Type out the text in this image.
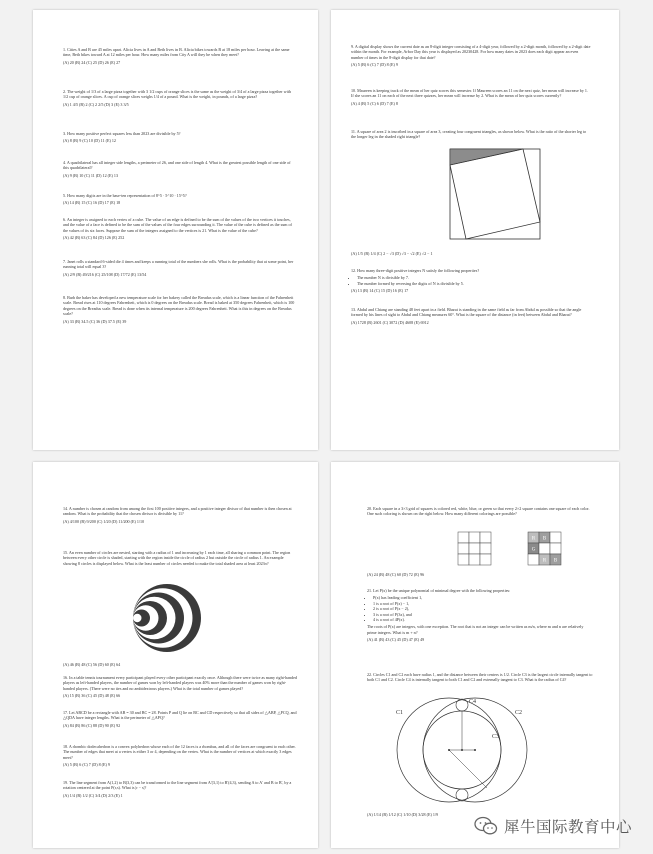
1. Cities A and B are 45 miles apart. Alicia lives in A and Beth lives in B. Alicia bikes towards B at 18 miles per hour. Leaving at the same time, Beth bikes toward A at 12 miles per hour. How many miles from City A will they be when they meet?
(A) 20 (B) 24 (C) 25 (D) 26 (E) 27
2. The weight of 1/3 of a large pizza together with 3 1/2 cups of orange slices is the same as the weight of 3/4 of a large pizza together with 1/2 cup of orange slices. A cup of orange slices weighs 1/4 of a pound. What is the weight, in pounds, of a large pizza?
(A) 1 4/5 (B) 2 (C) 2 2/5 (D) 3 (E) 3 3/5
3. How many positive perfect squares less than 2023 are divisible by 5?
(A) 8 (B) 9 (C) 10 (D) 11 (E) 12
4. A quadrilateral has all integer side lengths, a perimeter of 26, and one side of length 4. What is the greatest possible length of one side of this quadrilateral?
(A) 9 (B) 10 (C) 11 (D) 12 (E) 13
5. How many digits are in the base-ten representation of 8^5 · 5^10 · 15^5?
(A) 14 (B) 15 (C) 16 (D) 17 (E) 18
6. An integer is assigned to each vertex of a cube. The value of an edge is defined to be the sum of the values of the two vertices it touches, and the value of a face is defined to be the sum of the values of the four edges surrounding it. The value of the cube is defined as the sum of the values of its six faces. Suppose the sum of the integers assigned to the vertices is 21. What is the value of the cube?
(A) 42 (B) 63 (C) 84 (D) 126 (E) 252
7. Janet rolls a standard 6-sided die 4 times and keeps a running total of the numbers she rolls. What is the probability that at some point, her running total will equal 3?
(A) 2/9 (B) 49/216 (C) 25/108 (D) 17/72 (E) 13/54
8. Barb the baker has developed a new temperature scale for her bakery called the Breadus scale, which is a linear function of the Fahrenheit scale. Bread rises at 110 degrees Fahrenheit, which is 0 degrees on the Breadus scale. Bread is baked at 350 degrees Fahrenheit, which is 100 degrees on the Breadus scale. Bread is done when its internal temperature is 200 degrees Fahrenheit. What is this in degrees on the Breadus scale?
(A) 33 (B) 34.5 (C) 36 (D) 37.5 (E) 39
9. A digital display shows the current date as an 8-digit integer consisting of a 4-digit year, followed by a 2-digit month, followed by a 2-digit date within the month. For example, Arbor Day this year is displayed as 20230428. For how many dates in 2023 does each digit appear an even number of times in the 8-digit display for that date?
(A) 5 (B) 6 (C) 7 (D) 8 (E) 9
10. Maureen is keeping track of the mean of her quiz scores this semester. If Maureen scores an 11 on the next quiz, her mean will increase by 1. If she scores an 11 on each of the next three quizzes, her mean will increase by 2. What is the mean of her quiz scores currently?
(A) 4 (B) 5 (C) 6 (D) 7 (E) 8
11. A square of area 2 is inscribed in a square of area 3, creating four congruent triangles, as shown below. What is the ratio of the shorter leg to the longer leg in the shaded right triangle?
(A) 1/5 (B) 1/4 (C) 2 − √3 (D) √3 − √2 (E) √2 − 1
12. How many three-digit positive integers N satisfy the following properties?
• The number N is divisible by 7.
• The number formed by reversing the digits of N is divisible by 5.
(A) 13 (B) 14 (C) 15 (D) 16 (E) 17
13. Abdul and Chiang are standing 48 feet apart in a field. Bharat is standing in the same field as far from Abdul as possible so that the angle formed by his lines of sight to Abdul and Chiang measures 60°. What is the square of the distance (in feet) between Abdul and Bharat?
(A) 1728 (B) 2601 (C) 3072 (D) 4608 (E) 6912
14. A number is chosen at random from among the first 100 positive integers, and a positive integer divisor of that number is then chosen at random. What is the probability that the chosen divisor is divisible by 11?
(A) 4/100 (B) 9/200 (C) 1/20 (D) 11/200 (E) 1/10
15. An even number of circles are nested, starting with a radius of 1 and increasing by 1 each time, all sharing a common point. The region between every other circle is shaded, starting with the region inside the circle of radius 2 but outside the circle of radius 1. An example showing 8 circles is displayed below. What is the least number of circles needed to make the total shaded area at least 2023π?
(A) 46 (B) 48 (C) 56 (D) 60 (E) 64
16. In a table tennis tournament every participant played every other participant exactly once. Although there were twice as many right-handed players as left-handed players, the number of games won by left-handed players was 40% more than the number of games won by right-handed players. (There were no ties and no ambidextrous players.) What is the total number of games played?
(A) 15 (B) 36 (C) 45 (D) 48 (E) 66
17. Let ABCD be a rectangle with AB = 30 and BC = 28. Points P and Q lie on BC and CD respectively so that all sides of △ABP, △PCQ, and △QDA have integer lengths. What is the perimeter of △APQ?
(A) 84 (B) 86 (C) 88 (D) 90 (E) 92
18. A rhombic dodecahedron is a convex polyhedron whose each of the 12 faces is a rhombus, and all of the faces are congruent to each other. The number of edges that meet at a vertex is either 3 or 4, depending on the vertex. What is the number of vertices at which exactly 3 edges meet?
(A) 5 (B) 6 (C) 7 (D) 8 (E) 9
19. The line segment from A(1,2) to B(3,3) can be transformed to the line segment from A'(3,1) to B'(4,3), sending A to A' and B to B', by a rotation centered at the point P(r,s). What is |r − s|?
(A) 1/4 (B) 1/2 (C) 3/4 (D) 2/3 (E) 1
20. Each square in a 3×3 grid of squares is colored red, white, blue, or green so that every 2×2 square contains one square of each color. One such coloring is shown on the right below. How many different colorings are possible?
R B
G
R B
(A) 24 (B) 48 (C) 60 (D) 72 (E) 96
21. Let P(x) be the unique polynomial of minimal degree with the following properties:
• P(x) has leading coefficient 1,
• 1 is a root of P(x) − 1,
• 2 is a root of P(x − 2),
• 3 is a root of P(3x), and
• 4 is a root of 4P(x).
The roots of P(x) are integers, with one exception. The root that is not an integer can be written as m/n, where m and n are relatively prime integers. What is m + n?
(A) 41 (B) 43 (C) 45 (D) 47 (E) 49
22. Circles C1 and C2 each have radius 1, and the distance between their centers is 1/2. Circle C3 is the largest circle internally tangent to both C1 and C2. Circle C4 is internally tangent to both C1 and C2 and externally tangent to C3. What is the radius of C4?
C1	C2
C3
C4
(A) 1/14 (B) 1/12 (C) 1/10 (D) 3/28 (E) 1/9
犀牛国际教育中心
